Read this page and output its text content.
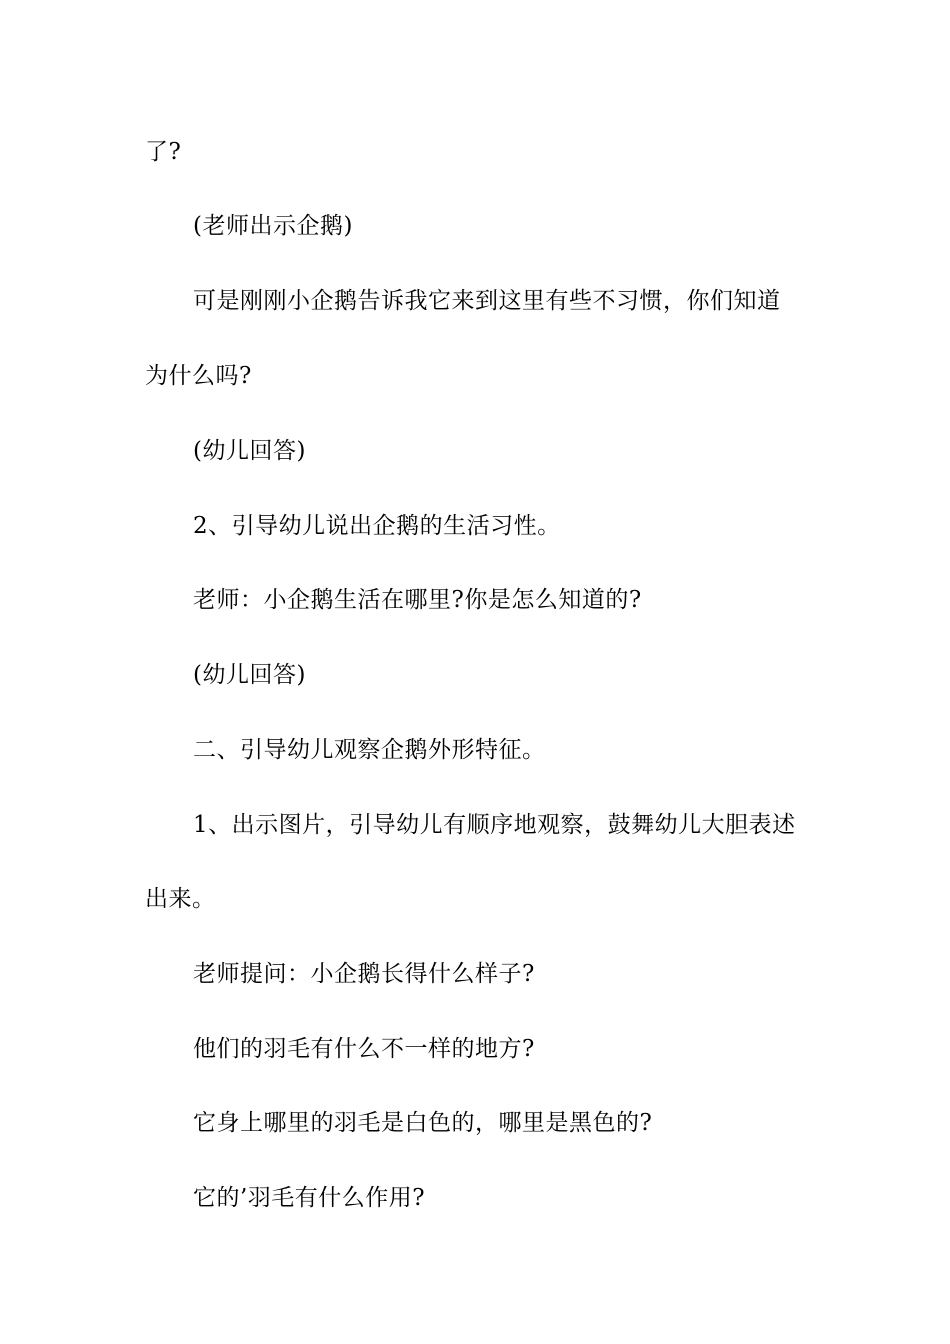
了?
(老师出示企鹅)
可是刚刚小企鹅告诉我它来到这里有些不习惯，你们知道
为什么吗?
(幼儿回答)
2、引导幼儿说出企鹅的生活习性。
老师：小企鹅生活在哪里?你是怎么知道的?
(幼儿回答)
二、引导幼儿观察企鹅外形特征。
1、出示图片，引导幼儿有顺序地观察，鼓舞幼儿大胆表述
出来。
老师提问：小企鹅长得什么样子?
他们的羽毛有什么不一样的地方?
它身上哪里的羽毛是白色的，哪里是黑色的?
它的’羽毛有什么作用?
